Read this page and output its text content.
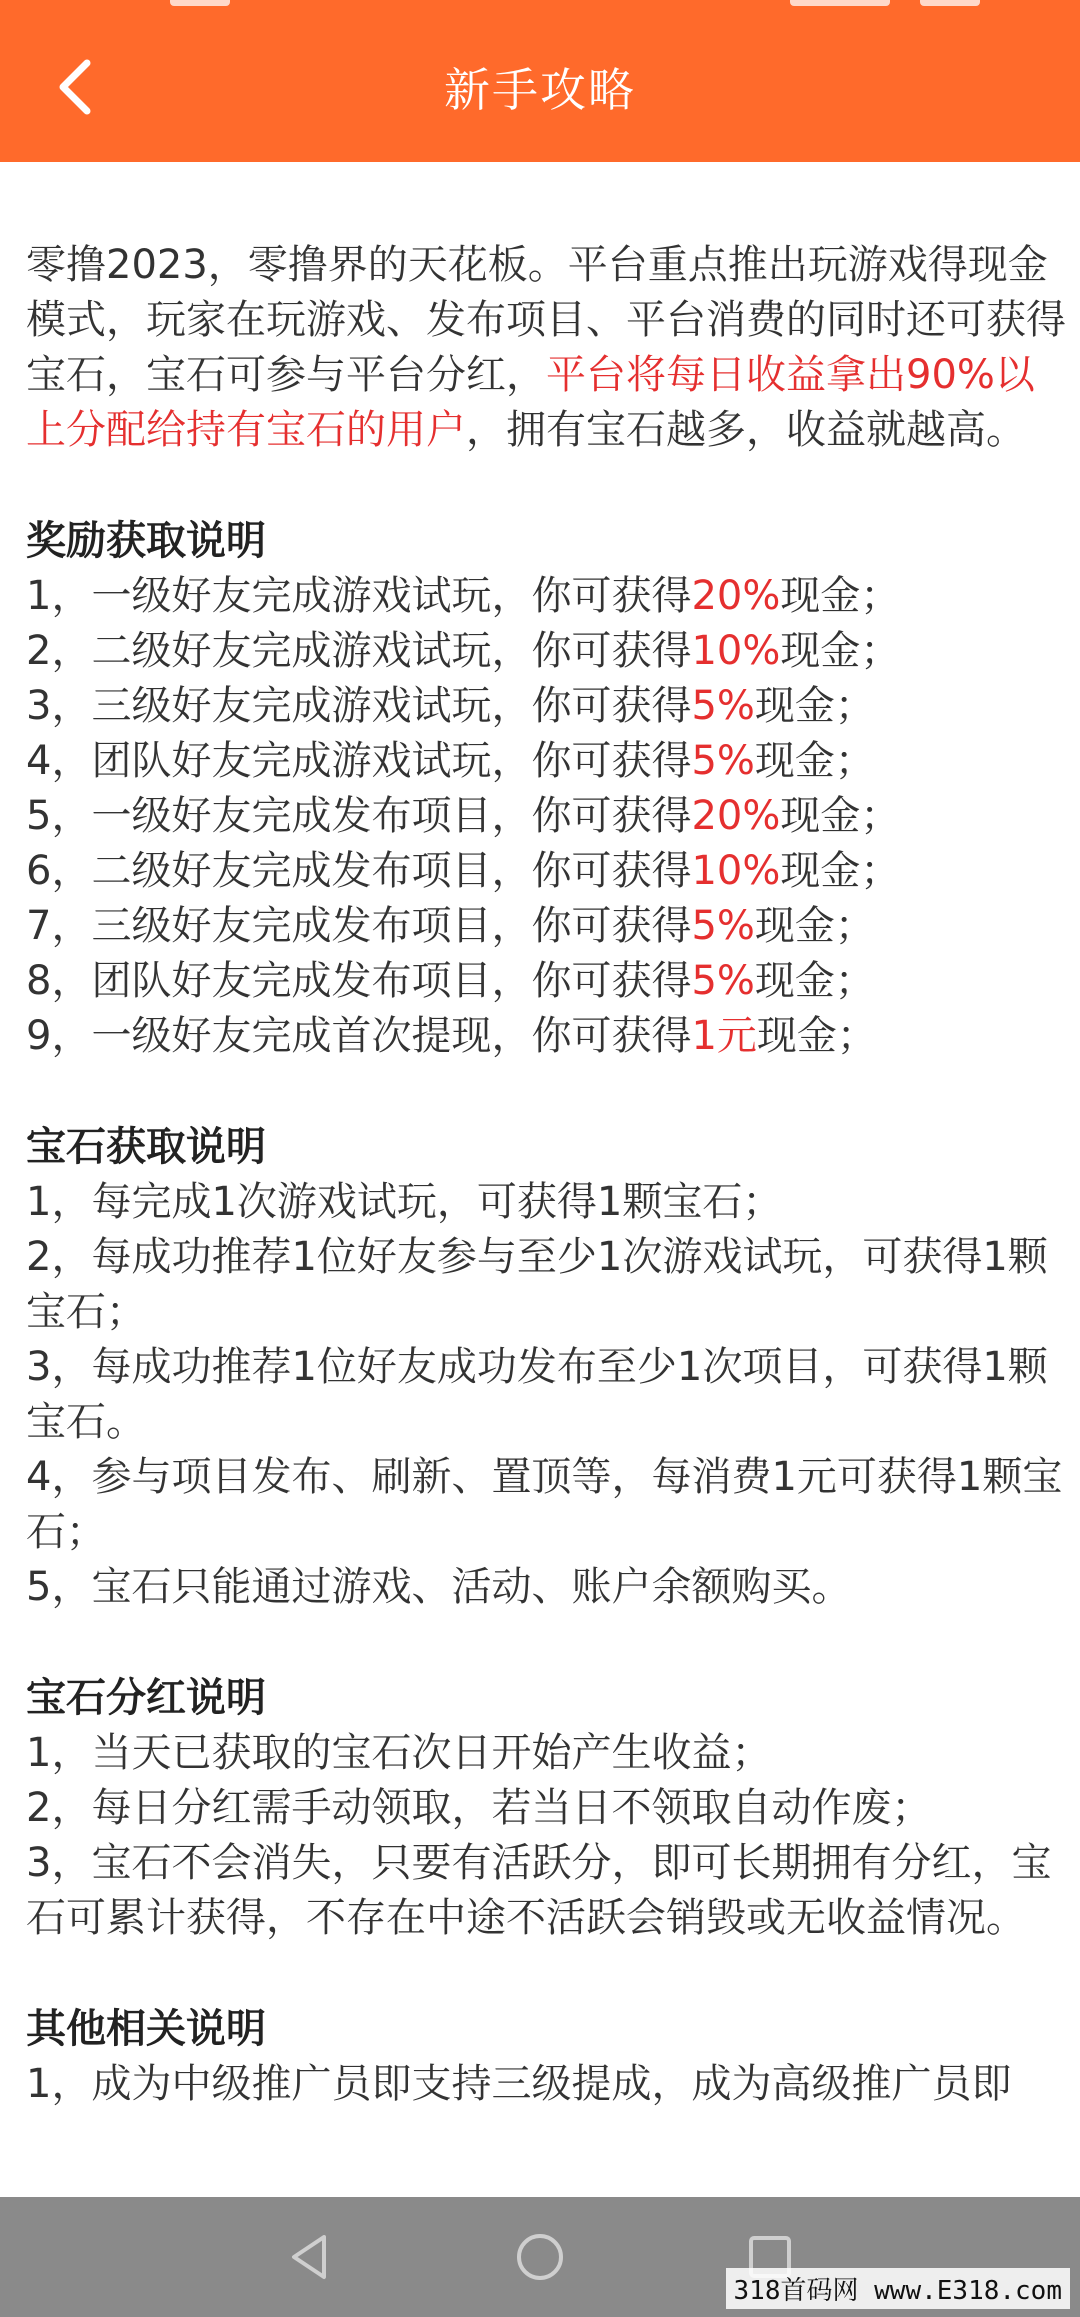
新手攻略

零撸2023，零撸界的天花板。平台重点推出玩游戏得现金模式，玩家在玩游戏、发布项目、平台消费的同时还可获得宝石，宝石可参与平台分红，平台将每日收益拿出90%以上分配给持有宝石的用户，拥有宝石越多，收益就越高。

奖励获取说明

1，一级好友完成游戏试玩，你可获得20%现金；

2，二级好友完成游戏试玩，你可获得10%现金；

3，三级好友完成游戏试玩，你可获得5%现金；

4，团队好友完成游戏试玩，你可获得5%现金；

5，一级好友完成发布项目，你可获得20%现金；

6，二级好友完成发布项目，你可获得10%现金；

7，三级好友完成发布项目，你可获得5%现金；

8，团队好友完成发布项目，你可获得5%现金；

9，一级好友完成首次提现，你可获得1元现金；

宝石获取说明

1，每完成1次游戏试玩，可获得1颗宝石；

2，每成功推荐1位好友参与至少1次游戏试玩，可获得1颗宝石；

3，每成功推荐1位好友成功发布至少1次项目，可获得1颗宝石。

4，参与项目发布、刷新、置顶等，每消费1元可获得1颗宝石；

5，宝石只能通过游戏、活动、账户余额购买。

宝石分红说明

1，当天已获取的宝石次日开始产生收益；

2，每日分红需手动领取，若当日不领取自动作废；

3，宝石不会消失，只要有活跃分，即可长期拥有分红，宝石可累计获得，不存在中途不活跃会销毁或无收益情况。

其他相关说明

1，成为中级推广员即支持三级提成，成为高级推广员即

318首码网 www.E318.com
